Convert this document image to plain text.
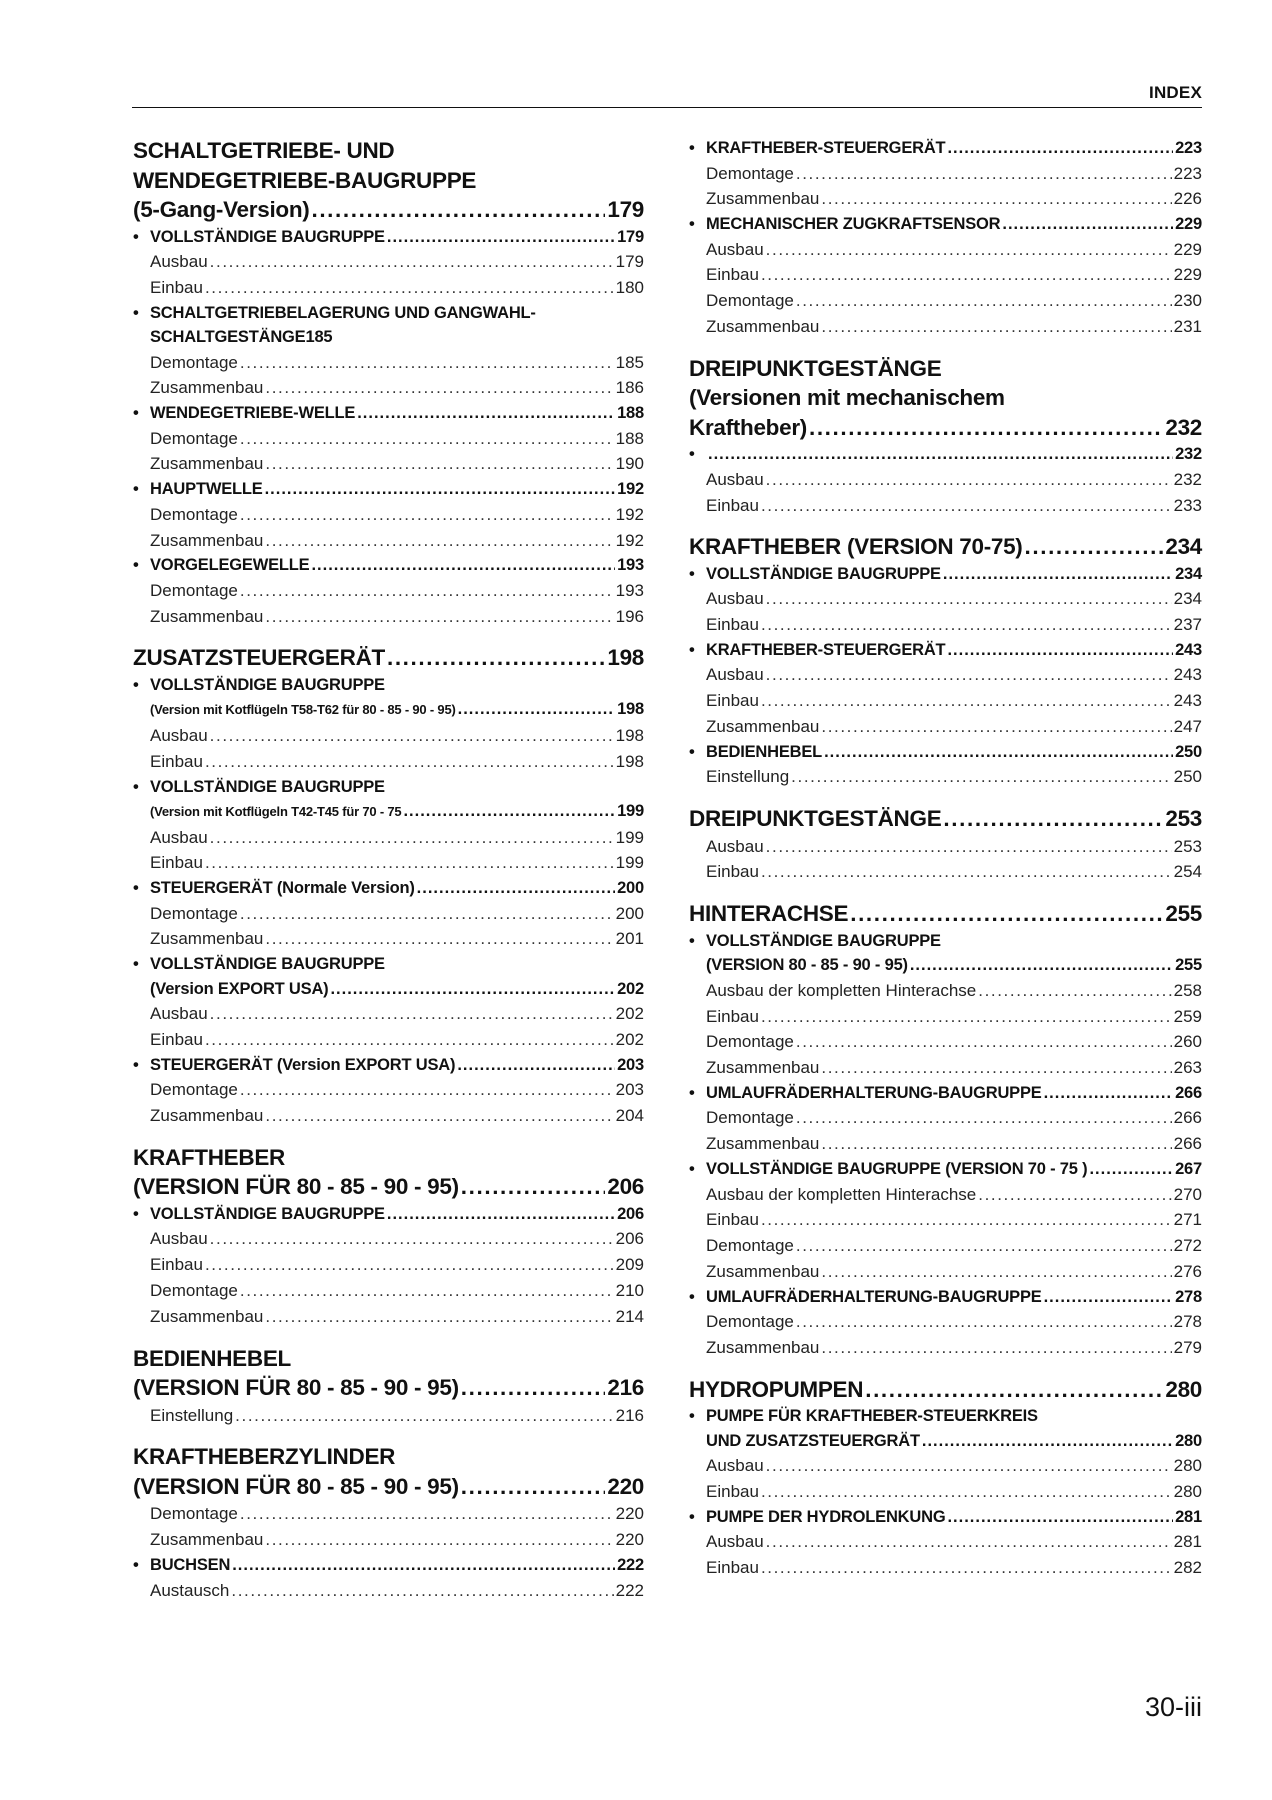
INDEX
SCHALTGETRIEBE- UND
WENDEGETRIEBE-BAUGRUPPE
(5-Gang-Version) .....	179
• VOLLSTÄNDIGE BAUGRUPPE .....	179
Ausbau .....	179
Einbau .....	180
• SCHALTGETRIEBELAGERUNG UND GANGWAHL-
SCHALTGESTÄNGE185
Demontage .....	185
Zusammenbau .....	186
• WENDEGETRIEBE-WELLE .....	188
Demontage .....	188
Zusammenbau .....	190
• HAUPTWELLE .....	192
Demontage .....	192
Zusammenbau .....	192
• VORGELEGEWELLE .....	193
Demontage .....	193
Zusammenbau .....	196
ZUSATZSTEUERGERÄT .....	198
• VOLLSTÄNDIGE BAUGRUPPE
(Version mit Kotflügeln T58-T62 für 80 - 85 - 90 - 95) .....	198
Ausbau .....	198
Einbau .....	198
• VOLLSTÄNDIGE BAUGRUPPE
(Version mit Kotflügeln T42-T45 für 70 - 75 .....	199
Ausbau .....	199
Einbau .....	199
• STEUERGERÄT (Normale Version) .....	200
Demontage .....	200
Zusammenbau .....	201
• VOLLSTÄNDIGE BAUGRUPPE
(Version EXPORT USA) .....	202
Ausbau .....	202
Einbau .....	202
• STEUERGERÄT (Version EXPORT USA) .....	203
Demontage .....	203
Zusammenbau .....	204
KRAFTHEBER
(VERSION FÜR 80 - 85 - 90 - 95) .....	206
• VOLLSTÄNDIGE BAUGRUPPE .....	206
Ausbau .....	206
Einbau .....	209
Demontage .....	210
Zusammenbau .....	214
BEDIENHEBEL
(VERSION FÜR 80 - 85 - 90 - 95) .....	216
Einstellung .....	216
KRAFTHEBERZYLINDER
(VERSION FÜR 80 - 85 - 90 - 95) .....	220
Demontage .....	220
Zusammenbau .....	220
• BUCHSEN .....	222
Austausch .....	222
• KRAFTHEBER-STEUERGERÄT .....	223
Demontage .....	223
Zusammenbau .....	226
• MECHANISCHER ZUGKRAFTSENSOR .....	229
Ausbau .....	229
Einbau .....	229
Demontage .....	230
Zusammenbau .....	231
DREIPUNKTGESTÄNGE
(Versionen mit mechanischem
Kraftheber) .....	232
• .....	232
Ausbau .....	232
Einbau .....	233
KRAFTHEBER (VERSION 70-75) .....	234
• VOLLSTÄNDIGE BAUGRUPPE .....	234
Ausbau .....	234
Einbau .....	237
• KRAFTHEBER-STEUERGERÄT .....	243
Ausbau .....	243
Einbau .....	243
Zusammenbau .....	247
• BEDIENHEBEL .....	250
Einstellung .....	250
DREIPUNKTGESTÄNGE .....	253
Ausbau .....	253
Einbau .....	254
HINTERACHSE .....	255
• VOLLSTÄNDIGE BAUGRUPPE
(VERSION 80 - 85 - 90 - 95) .....	255
Ausbau der kompletten Hinterachse .....	258
Einbau .....	259
Demontage .....	260
Zusammenbau .....	263
• UMLAUFRÄDERHALTERUNG-BAUGRUPPE .....	266
Demontage .....	266
Zusammenbau .....	266
• VOLLSTÄNDIGE BAUGRUPPE (VERSION 70 - 75 ) .....	267
Ausbau der kompletten Hinterachse .....	270
Einbau .....	271
Demontage .....	272
Zusammenbau .....	276
• UMLAUFRÄDERHALTERUNG-BAUGRUPPE .....	278
Demontage .....	278
Zusammenbau .....	279
HYDROPUMPEN .....	280
• PUMPE FÜR KRAFTHEBER-STEUERKREIS
UND ZUSATZSTEUERGRÄT .....	280
Ausbau .....	280
Einbau .....	280
• PUMPE DER HYDROLENKUNG .....	281
Ausbau .....	281
Einbau .....	282
30-iii
